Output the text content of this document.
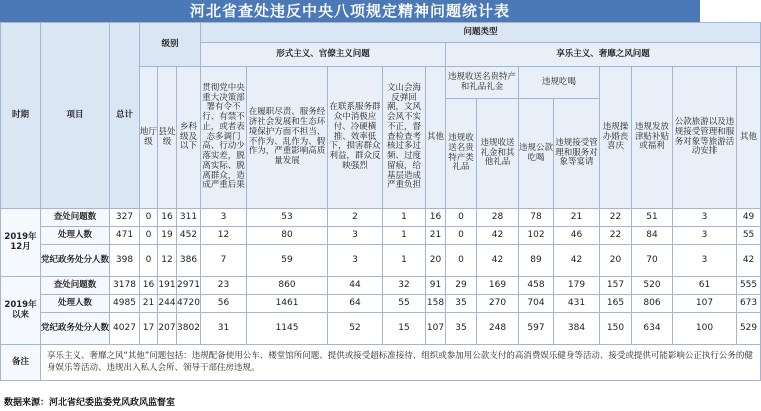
河北省查处违反中央八项规定精神问题统计表
时期	项目	总计	级别			问题类型												
						形式主义、官僚主义问题					享乐主义、奢靡之风问题							
			地厅级	县处级	乡科级及以下	贯彻党中央重大决策部署有令不行、有禁不止，或者表态多调门高、行动少落实差，脱离实际、脱离群众，造成严重后果	在履职尽责、服务经济社会发展和生态环境保护方面不担当、不作为、乱作为、假作为，严重影响高质量发展	在联系服务群众中消极应付、冷硬横推、效率低下，损害群众利益，群众反映强烈	文山会海反弹回潮，文风会风不实不正，督查检查考核过多过频、过度留痕，给基层造成严重负担	其他	违规收送名贵特产和礼品礼金		违规吃喝		违规操办婚丧喜庆	违规发放津贴补贴或福利	公款旅游以及违规接受管理和服务对象等旅游活动安排	其他
											违规收送名贵特产类礼品	违规收送礼金和其他礼品	违规公款吃喝	违规接受管理和服务对象等宴请				
2019年12月	查处问题数	327	0	16	311	3	53	2	1	16	0	28	78	21	22	51	3	49
	处理人数	471	0	19	452	12	80	3	1	21	0	42	102	46	22	84	3	55
	党纪政务处分人数	398	0	12	386	7	59	3	1	20	0	42	89	42	20	70	3	42
2019年以来	查处问题数	3178	16	191	2971	23	860	44	32	91	29	169	458	179	157	520	61	555
	处理人数	4985	21	244	4720	56	1461	64	55	158	35	270	704	431	165	806	107	673
	党纪政务处分人数	4027	17	207	3802	31	1145	52	15	107	35	248	597	384	150	634	100	529
备注	享乐主义、奢靡之风“其他”问题包括：违规配备使用公车、楼堂馆所问题、提供或接受超标准接待、组织或参加用公款支付的高消费娱乐健身等活动、接受或提供可能影响公正执行公务的健身娱乐等活动、违规出入私人会所、领导干部住房违规。																	
数据来源：河北省纪委监委党风政风监督室
